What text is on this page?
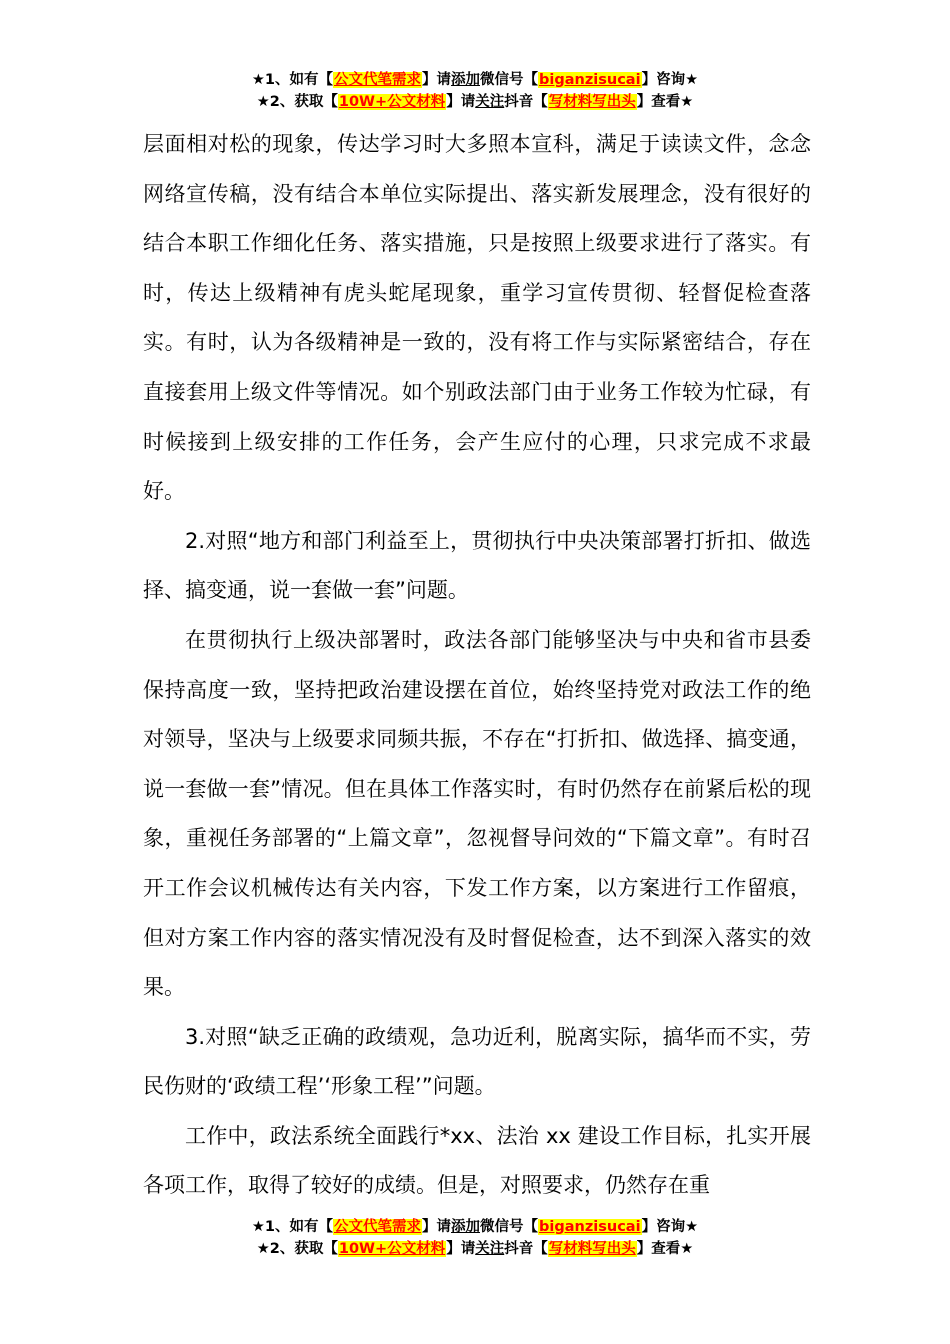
★1、如有【公文代笔需求】请添加微信号【biganzisucai】咨询★
★2、获取【10W+公文材料】请关注抖音【写材料写出头】查看★

层面相对松的现象，传达学习时大多照本宣科，满足于读读文件，念念网络宣传稿，没有结合本单位实际提出、落实新发展理念，没有很好的结合本职工作细化任务、落实措施，只是按照上级要求进行了落实。有时，传达上级精神有虎头蛇尾现象，重学习宣传贯彻、轻督促检查落实。有时，认为各级精神是一致的，没有将工作与实际紧密结合，存在直接套用上级文件等情况。如个别政法部门由于业务工作较为忙碌，有时候接到上级安排的工作任务，会产生应付的心理，只求完成不求最好。

2.对照“地方和部门利益至上，贯彻执行中央决策部署打折扣、做选择、搞变通，说一套做一套”问题。

在贯彻执行上级决部署时，政法各部门能够坚决与中央和省市县委保持高度一致，坚持把政治建设摆在首位，始终坚持党对政法工作的绝对领导，坚决与上级要求同频共振，不存在“打折扣、做选择、搞变通，说一套做一套”情况。但在具体工作落实时，有时仍然存在前紧后松的现象，重视任务部署的“上篇文章”，忽视督导问效的“下篇文章”。有时召开工作会议机械传达有关内容，下发工作方案，以方案进行工作留痕，但对方案工作内容的落实情况没有及时督促检查，达不到深入落实的效果。

3.对照“缺乏正确的政绩观，急功近利，脱离实际，搞华而不实，劳民伤财的‘政绩工程’‘形象工程’”问题。

工作中，政法系统全面践行*xx、法治 xx 建设工作目标，扎实开展各项工作，取得了较好的成绩。但是，对照要求，仍然存在重

★1、如有【公文代笔需求】请添加微信号【biganzisucai】咨询★
★2、获取【10W+公文材料】请关注抖音【写材料写出头】查看★
